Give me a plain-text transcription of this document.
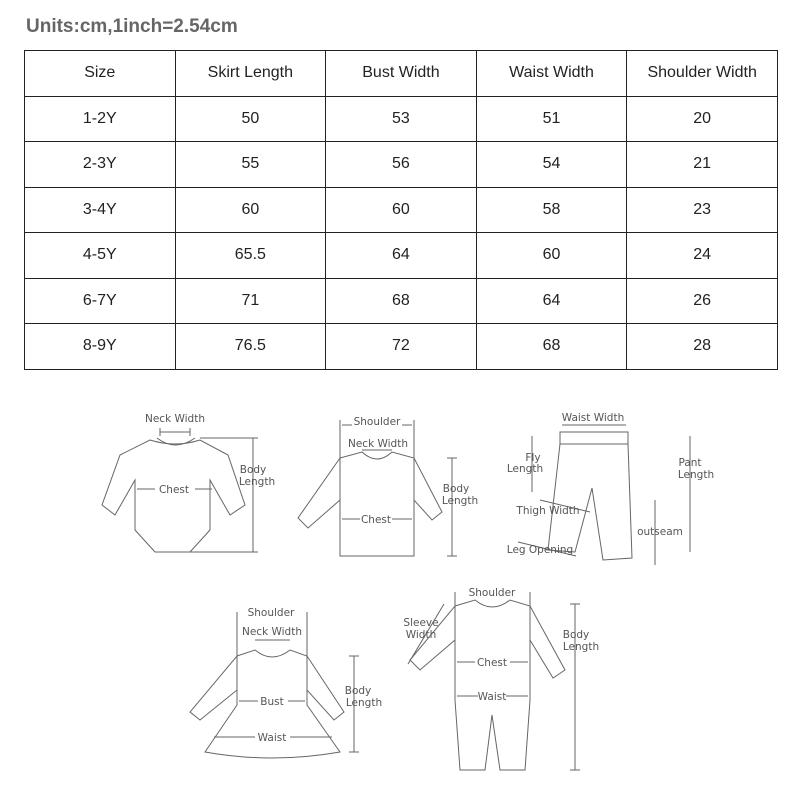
Units:cm,1inch=2.54cm
Size	Skirt Length	Bust Width	Waist Width	Shoulder Width
1-2Y	50	53	51	20
2-3Y	55	56	54	21
3-4Y	60	60	58	23
4-5Y	65.5	64	60	24
6-7Y	71	68	64	26
8-9Y	76.5	72	68	28
Neck Width
Body
Length
Chest
Shoulder
Neck Width
Body
Length
Chest
Waist Width
Fly
Length	Pant
Length
Thigh Width
outseam
Leg Opening
Shoulder
Neck Width
Body
Length
Bust
Waist
Shoulder
Sleeve
Width	Body
Length
Chest
Waist
